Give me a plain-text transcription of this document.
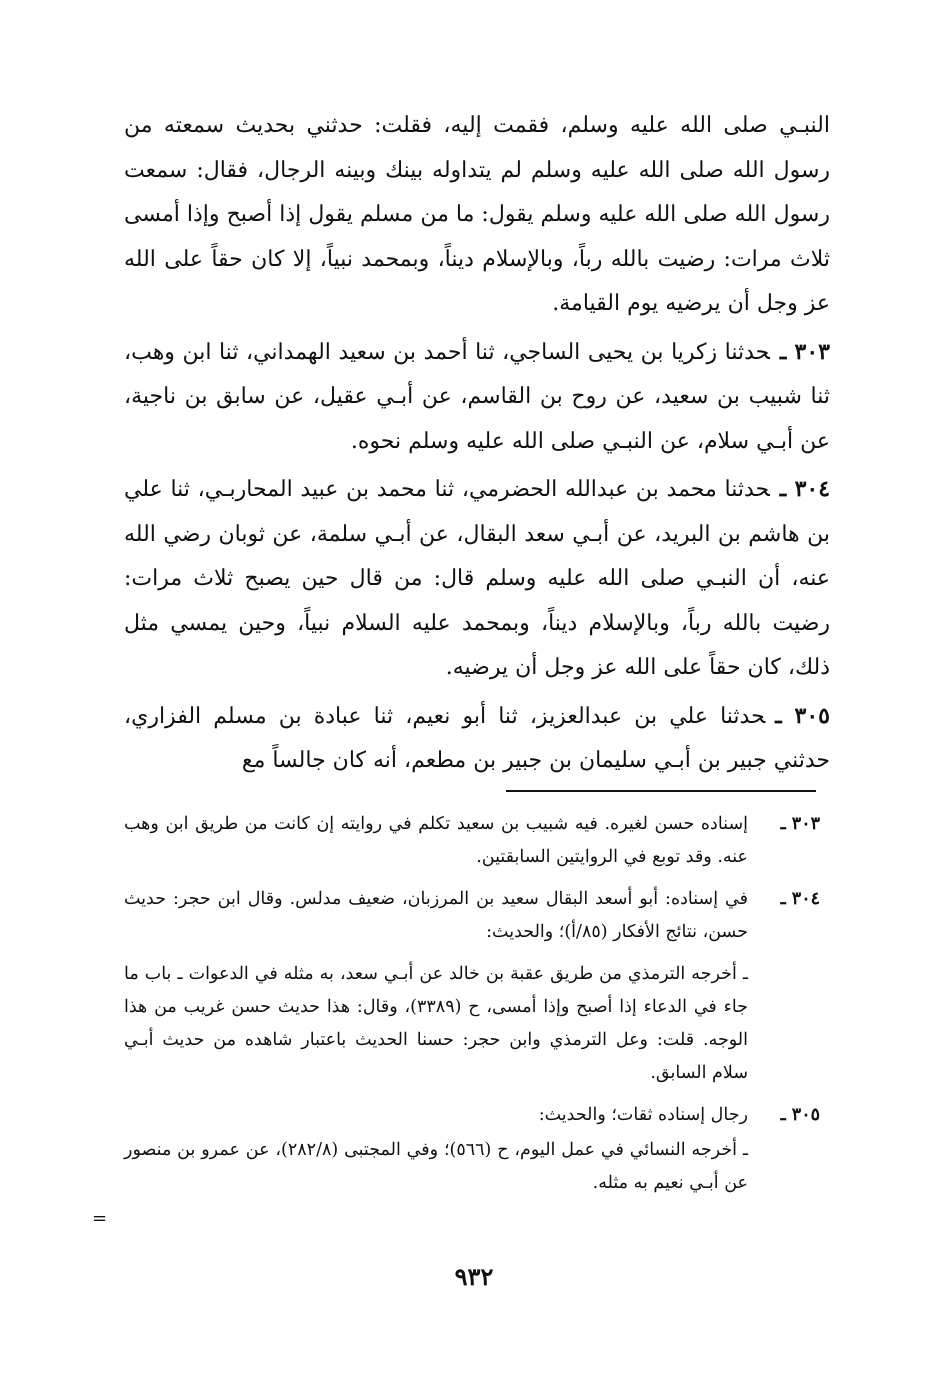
النبـي صلى الله عليه وسلم، فقمت إليه، فقلت: حدثني بحديث سمعته من رسول الله صلى الله عليه وسلم لم يتداوله بينك وبينه الرجال، فقال: سمعت رسول الله صلى الله عليه وسلم يقول: ما من مسلم يقول إذا أصبح وإذا أمسى ثلاث مرات: رضيت بالله رباً، وبالإسلام ديناً، وبمحمد نبياً، إلا كان حقاً على الله عز وجل أن يرضيه يوم القيامة.

٣٠٣ ـحدثنا زكريا بن يحيى الساجي، ثنا أحمد بن سعيد الهمداني، ثنا ابن وهب، ثنا شبيب بن سعيد، عن روح بن القاسم، عن أبـي عقيل، عن سابق بن ناجية، عن أبـي سلام، عن النبـي صلى الله عليه وسلم نحوه.

٣٠٤ ـحدثنا محمد بن عبدالله الحضرمي، ثنا محمد بن عبيد المحاربـي، ثنا علي بن هاشم بن البريد، عن أبـي سعد البقال، عن أبـي سلمة، عن ثوبان رضي الله عنه، أن النبـي صلى الله عليه وسلم قال: من قال حين يصبح ثلاث مرات: رضيت بالله رباً، وبالإسلام ديناً، وبمحمد عليه السلام نبياً، وحين يمسي مثل ذلك، كان حقاً على الله عز وجل أن يرضيه.

٣٠٥ ـحدثنا علي بن عبدالعزيز، ثنا أبو نعيم، ثنا عبادة بن مسلم الفزاري، حدثني جبير بن أبـي سليمان بن جبير بن مطعم، أنه كان جالساً مع

٣٠٣ ـ
إسناده حسن لغيره. فيه شبيب بن سعيد تكلم في روايته إن كانت من طريق ابن وهب عنه. وقد توبع في الروايتين السابقتين.
٣٠٤ ـ
في إسناده: أبو أسعد البقال سعيد بن المرزبان، ضعيف مدلس. وقال ابن حجر: حديث حسن، نتائج الأفكار (٨٥/أ)؛ والحديث:
ـ أخرجه الترمذي من طريق عقبة بن خالد عن أبـي سعد، به مثله في الدعوات ـ باب ما جاء في الدعاء إذا أصبح وإذا أمسى، ح (٣٣٨٩)، وقال: هذا حديث حسن غريب من هذا الوجه. قلت: وعل الترمذي وابن حجر: حسنا الحديث باعتبار شاهده من حديث أبـي سلام السابق.
٣٠٥ ـ
رجال إسناده ثقات؛ والحديث:
ـ أخرجه النسائي في عمل اليوم، ح (٥٦٦)؛ وفي المجتبى (٢٨٢/٨)، عن عمرو بن منصور عن أبـي نعيم به مثله.
=
٩٣٢
